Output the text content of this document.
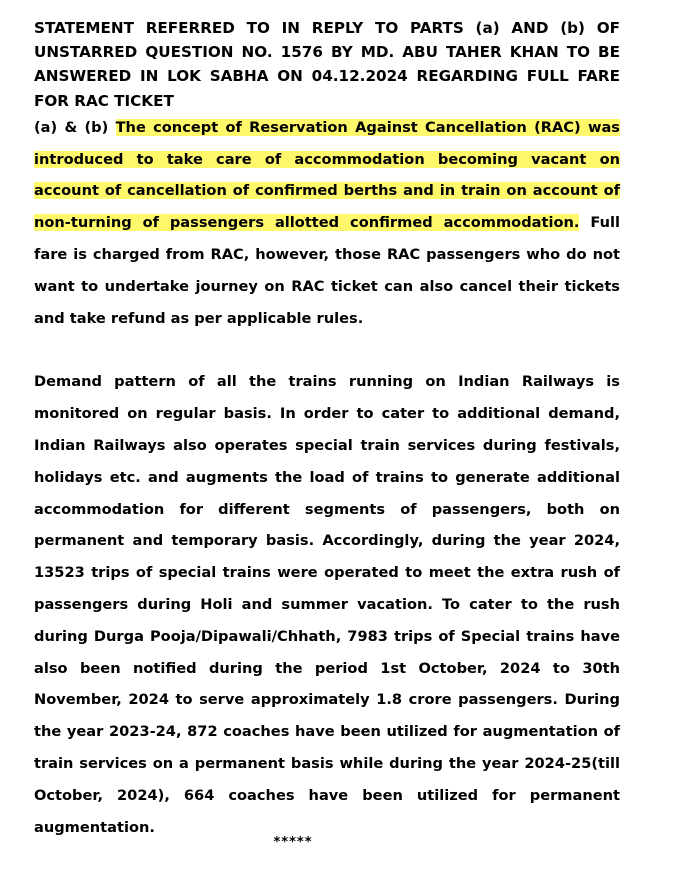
STATEMENT REFERRED TO IN REPLY TO PARTS (a) AND (b) OF UNSTARRED QUESTION NO. 1576 BY MD. ABU TAHER KHAN TO BE ANSWERED IN LOK SABHA ON 04.12.2024 REGARDING FULL FARE FOR RAC TICKET

(a) & (b) The concept of Reservation Against Cancellation (RAC) was introduced to take care of accommodation becoming vacant on account of cancellation of confirmed berths and in train on account of non-turning of passengers allotted confirmed accommodation. Full fare is charged from RAC, however, those RAC passengers who do not want to undertake journey on RAC ticket can also cancel their tickets and take refund as per applicable rules.

Demand pattern of all the trains running on Indian Railways is monitored on regular basis. In order to cater to additional demand, Indian Railways also operates special train services during festivals, holidays etc. and augments the load of trains to generate additional accommodation for different segments of passengers, both on permanent and temporary basis. Accordingly, during the year 2024, 13523 trips of special trains were operated to meet the extra rush of passengers during Holi and summer vacation. To cater to the rush during Durga Pooja/Dipawali/Chhath, 7983 trips of Special trains have also been notified during the period 1st October, 2024 to 30th November, 2024 to serve approximately 1.8 crore passengers. During the year 2023-24, 872 coaches have been utilized for augmentation of train services on a permanent basis while during the year 2024-25(till October, 2024), 664 coaches have been utilized for permanent augmentation.

*****
